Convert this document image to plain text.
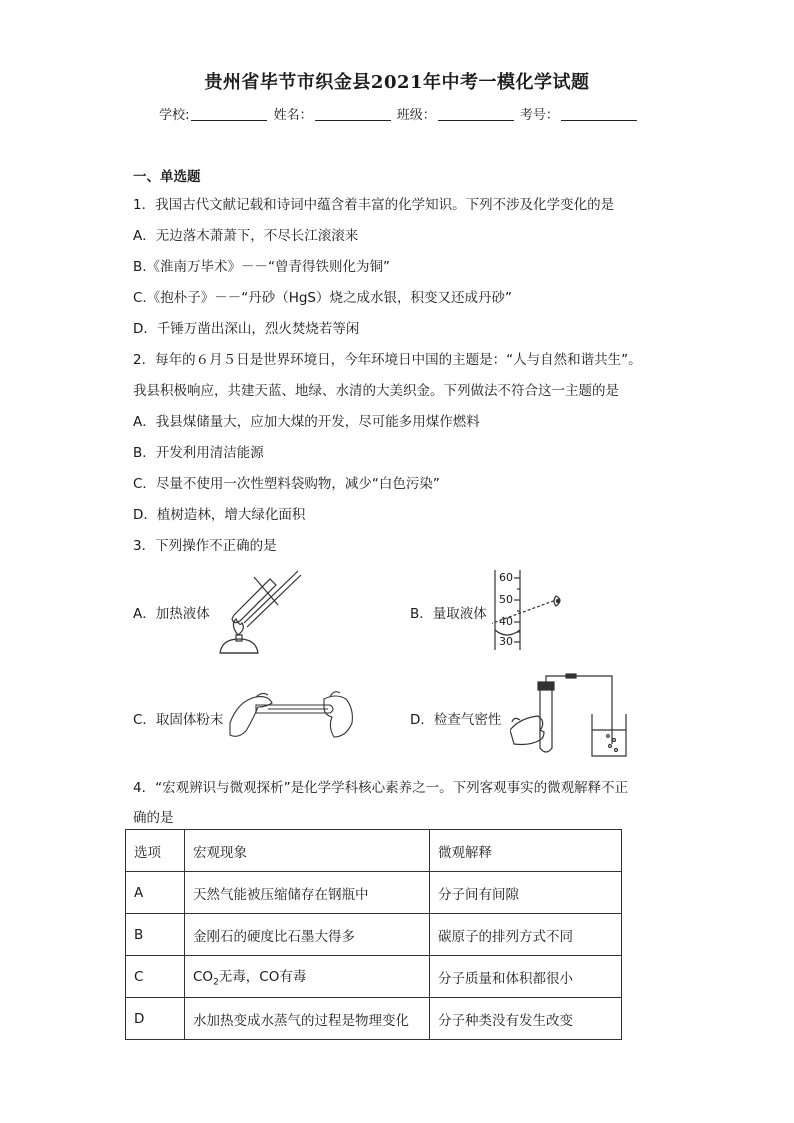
贵州省毕节市织金县2021年中考一模化学试题
学校:	姓名：	班级：	考号：
一、单选题
1．我国古代文献记载和诗词中蕴含着丰富的化学知识。下列不涉及化学变化的是
A．无边落木萧萧下，不尽长江滚滚来
B.《淮南万毕术》－－“曾青得铁则化为铜”
C.《抱朴子》－－“丹砂（HgS）烧之成水银，积变又还成丹砂”
D．千锤万凿出深山，烈火焚烧若等闲
2．每年的６月５日是世界环境日，今年环境日中国的主题是：“人与自然和谐共生”。
我县积极响应，共建天蓝、地绿、水清的大美织金。下列做法不符合这一主题的是
A．我县煤储量大，应加大煤的开发，尽可能多用煤作燃料
B．开发利用清洁能源
C．尽量不使用一次性塑料袋购物，减少“白色污染”
D．植树造林，增大绿化面积
3．下列操作不正确的是
A．加热液体	B．量取液体
60
50
40
30
C．取固体粉末	D．检查气密性
4．“宏观辨识与微观探析”是化学学科核心素养之一。下列客观事实的微观解释不正
确的是
选项	宏观现象	微观解释
A	天然气能被压缩储存在钢瓶中	分子间有间隙
B	金刚石的硬度比石墨大得多	碳原子的排列方式不同
C	$CO_2$无毒，CO有毒	分子质量和体积都很小
D	水加热变成水蒸气的过程是物理变化	分子种类没有发生改变
